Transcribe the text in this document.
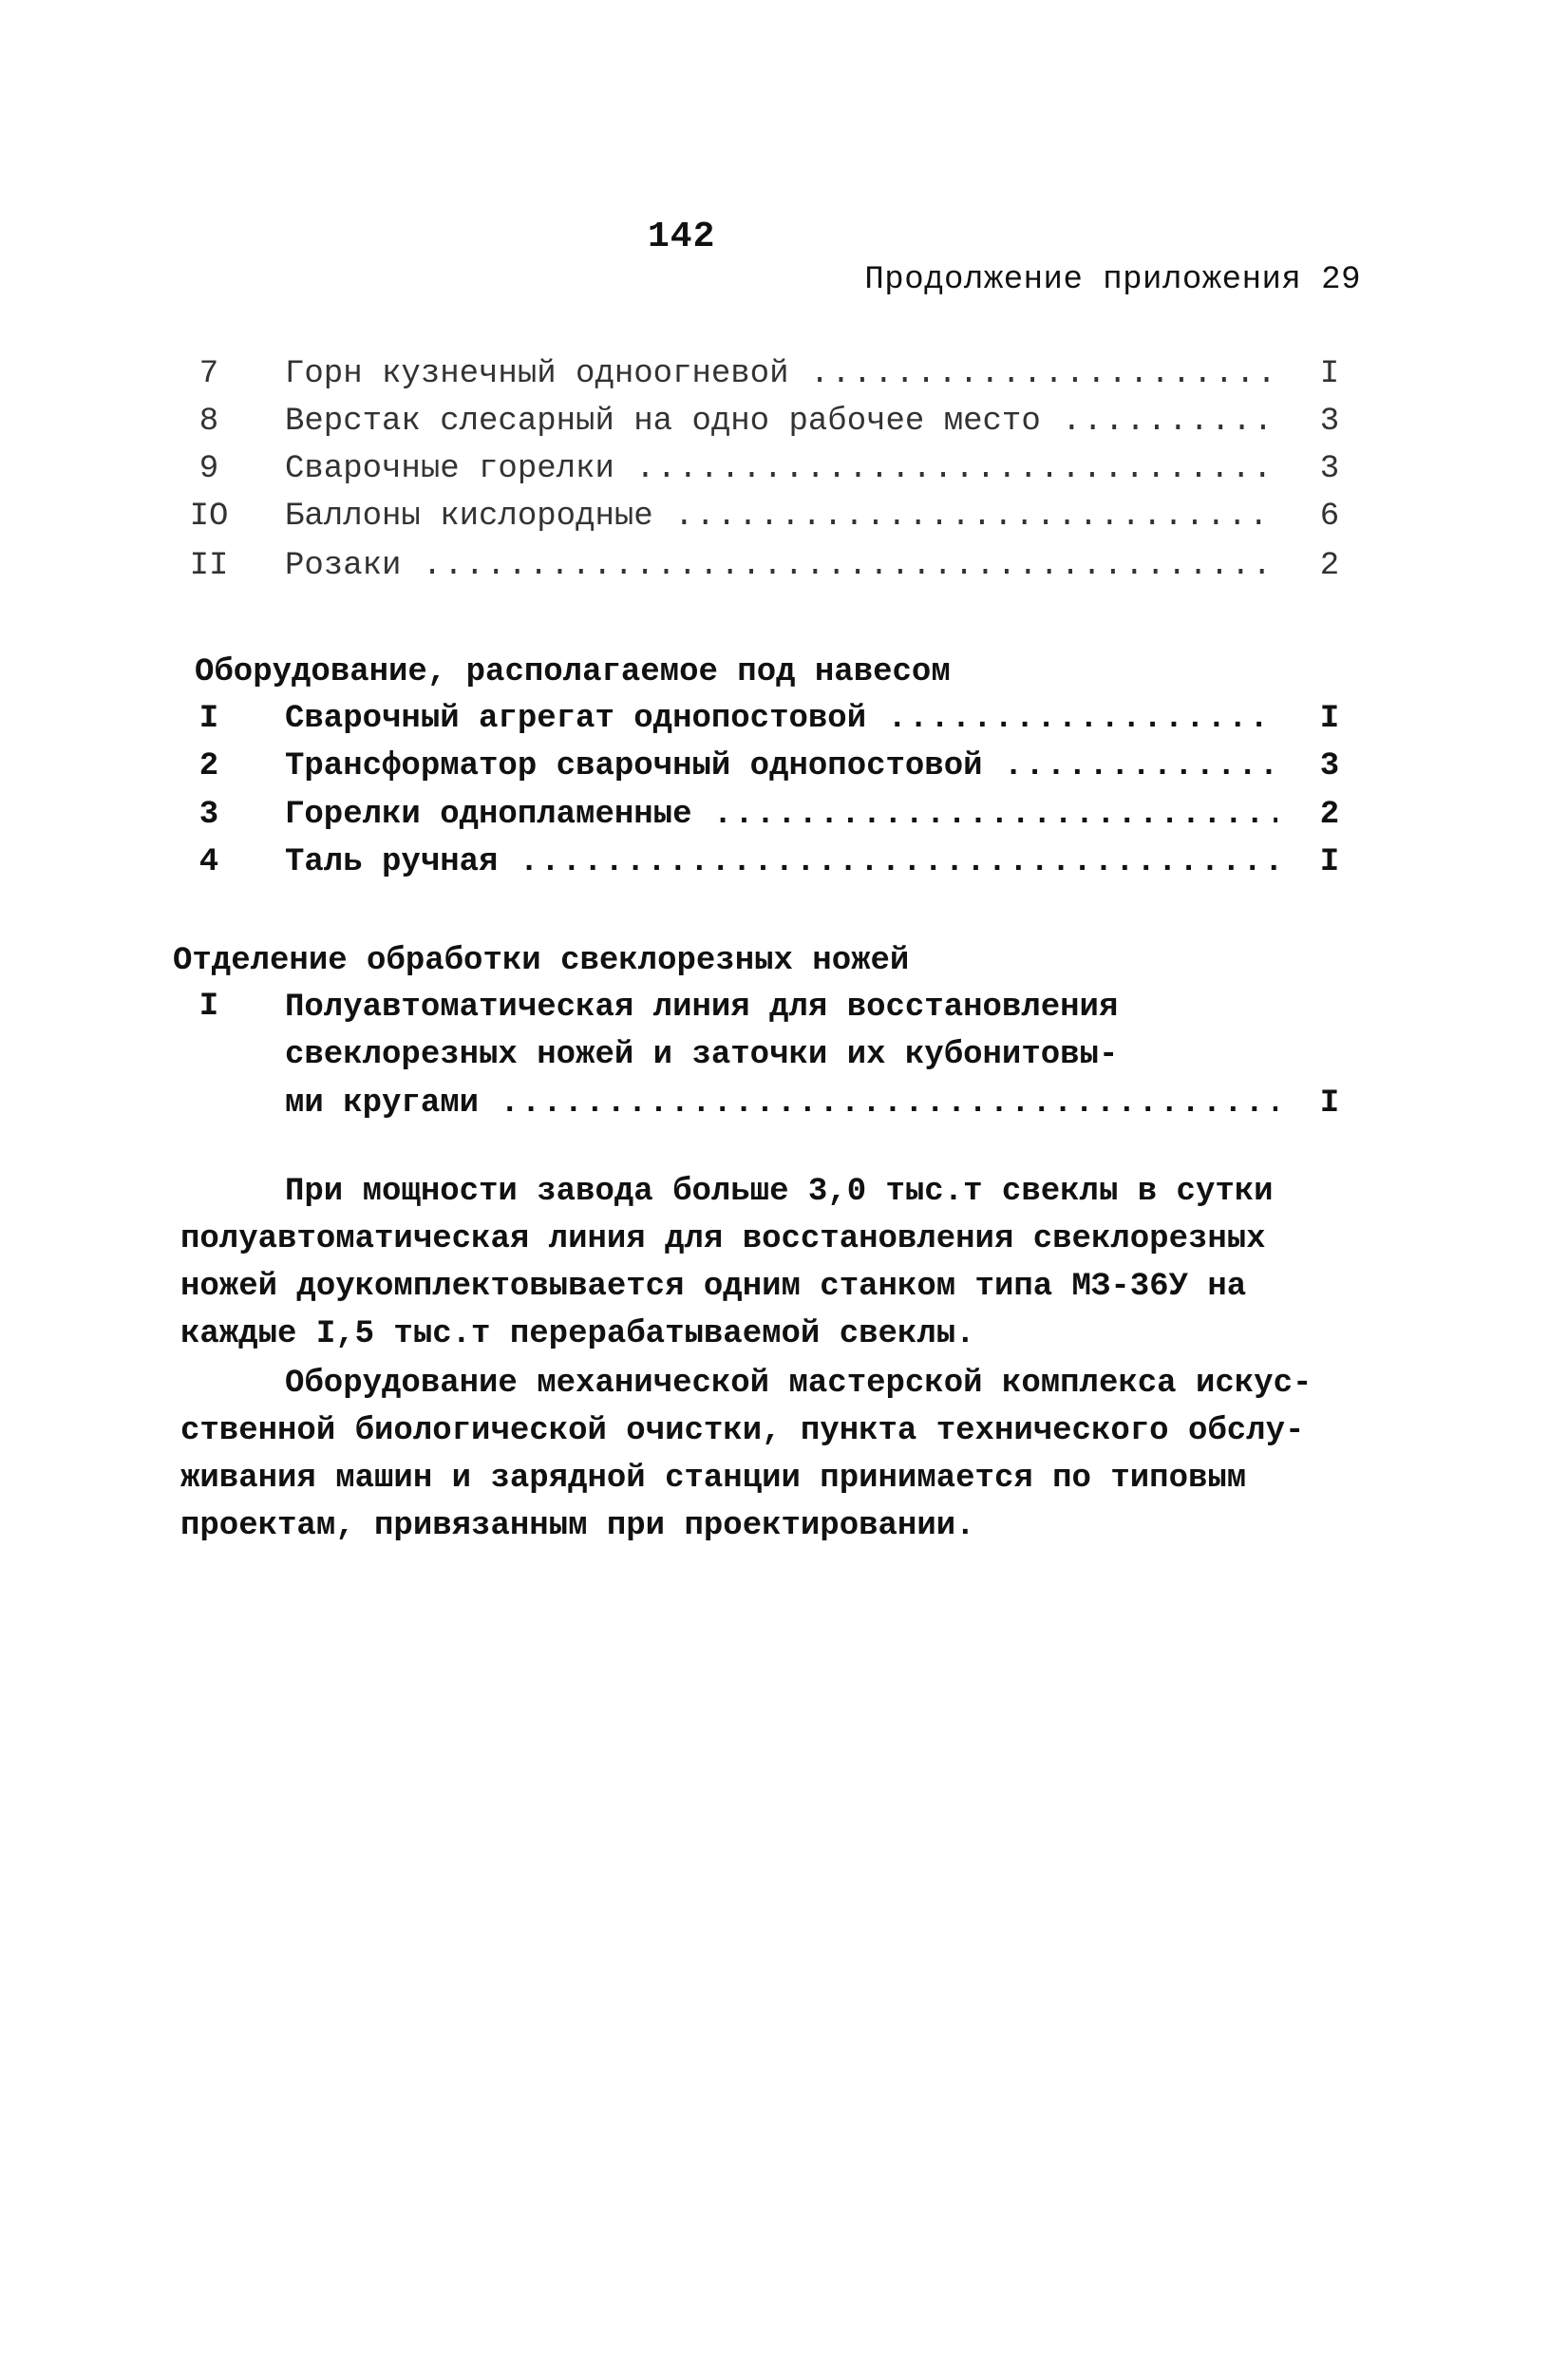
142
Продолжение приложения 29
7	Горн кузнечный одноогневой .....	I
8	Верстак слесарный на одно рабочее место .....	3
9	Сварочные горелки .....	3
IO Баллоны кислородные .....	6
II Розаки .....	2
Оборудование, располагаемое под навесом
I	Сварочный агрегат однопостовой .....	I
2	Трансформатор сварочный однопостовой .....	3
3	Горелки однопламенные .....	2
4	Таль ручная .....	I
Отделение обработки свеклорезных ножей
I	Полуавтоматическая линия для восстановления
свеклорезных ножей и заточки их кубонитовы-
ми кругами .....	I
При мощности завода больше 3,0 тыс.т свеклы в сутки
полуавтоматическая линия для восстановления свеклорезных
ножей доукомплектовывается одним станком типа МЗ-36У на
каждые I,5 тыс.т перерабатываемой свеклы.
Оборудование механической мастерской комплекса искус-
ственной биологической очистки, пункта технического обслу-
живания машин и зарядной станции принимается по типовым
проектам, привязанным при проектировании.
